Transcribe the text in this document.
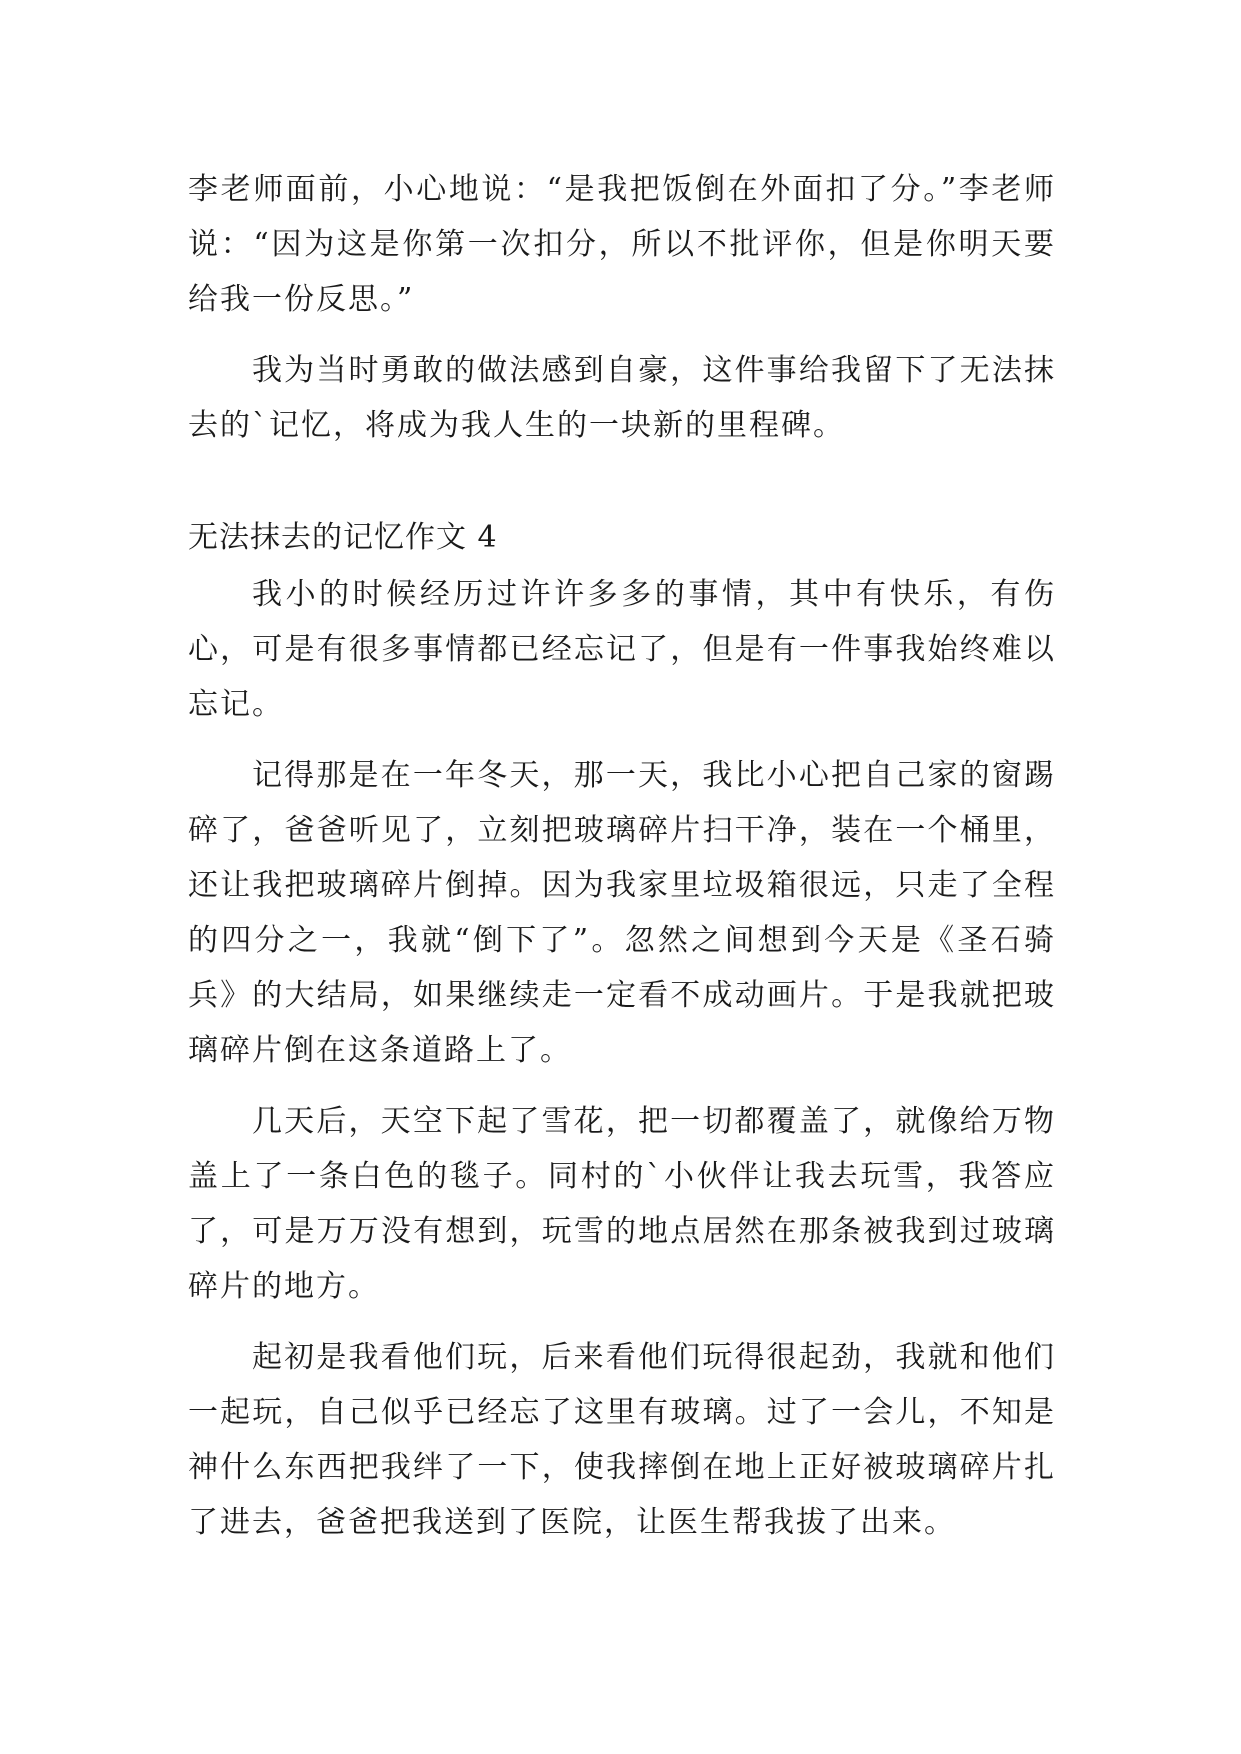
李老师面前，小心地说：“是我把饭倒在外面扣了分。”李老师说：“因为这是你第一次扣分，所以不批评你，但是你明天要给我一份反思。”

我为当时勇敢的做法感到自豪，这件事给我留下了无法抹去的`记忆，将成为我人生的一块新的里程碑。

无法抹去的记忆作文 4

我小的时候经历过许许多多的事情，其中有快乐，有伤心，可是有很多事情都已经忘记了，但是有一件事我始终难以忘记。

记得那是在一年冬天，那一天，我比小心把自己家的窗踢碎了，爸爸听见了，立刻把玻璃碎片扫干净，装在一个桶里，还让我把玻璃碎片倒掉。因为我家里垃圾箱很远，只走了全程的四分之一，我就“倒下了”。忽然之间想到今天是《圣石骑兵》的大结局，如果继续走一定看不成动画片。于是我就把玻璃碎片倒在这条道路上了。

几天后，天空下起了雪花，把一切都覆盖了，就像给万物盖上了一条白色的毯子。同村的`小伙伴让我去玩雪，我答应了，可是万万没有想到，玩雪的地点居然在那条被我到过玻璃碎片的地方。

起初是我看他们玩，后来看他们玩得很起劲，我就和他们一起玩，自己似乎已经忘了这里有玻璃。过了一会儿，不知是神什么东西把我绊了一下，使我摔倒在地上正好被玻璃碎片扎了进去，爸爸把我送到了医院，让医生帮我拔了出来。
